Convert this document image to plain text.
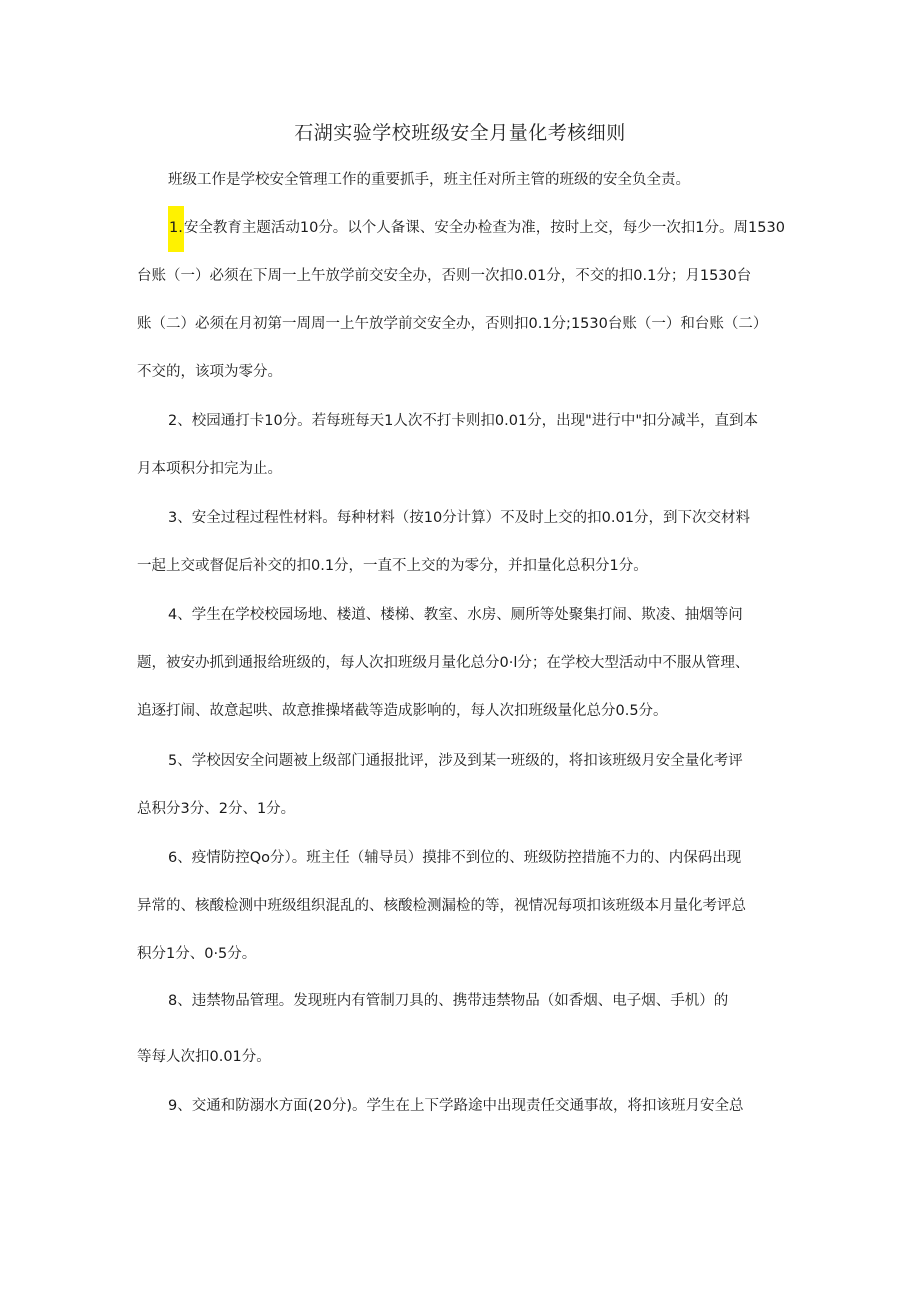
石湖实验学校班级安全月量化考核细则
班级工作是学校安全管理工作的重要抓手，班主任对所主管的班级的安全负全责。
1.安全教育主题活动10分。以个人备课、安全办检查为准，按时上交，每少一次扣1分。周1530
台账（一）必须在下周一上午放学前交安全办，否则一次扣0.01分，不交的扣0.1分；月1530台
账（二）必须在月初第一周周一上午放学前交安全办，否则扣0.1分;1530台账（一）和台账（二）
不交的，该项为零分。
2、校园通打卡10分。若每班每天1人次不打卡则扣0.01分，出现"进行中"扣分减半，直到本
月本项积分扣完为止。
3、安全过程过程性材料。每种材料（按10分计算）不及时上交的扣0.01分，到下次交材料
一起上交或督促后补交的扣0.1分，一直不上交的为零分，并扣量化总积分1分。
4、学生在学校校园场地、楼道、楼梯、教室、水房、厕所等处聚集打闹、欺凌、抽烟等问
题，被安办抓到通报给班级的，每人次扣班级月量化总分0·l分；在学校大型活动中不服从管理、
追逐打闹、故意起哄、故意推操堵截等造成影响的，每人次扣班级量化总分0.5分。
5、学校因安全问题被上级部门通报批评，涉及到某一班级的，将扣该班级月安全量化考评
总积分3分、2分、1分。
6、疫情防控Qo分）。班主任（辅导员）摸排不到位的、班级防控措施不力的、内保码出现
异常的、核酸检测中班级组织混乱的、核酸检测漏检的等，视情况每项扣该班级本月量化考评总
积分1分、0·5分。
8、违禁物品管理。发现班内有管制刀具的、携带违禁物品（如香烟、电子烟、手机）的
等每人次扣0.01分。
9、交通和防溺水方面(20分)。学生在上下学路途中出现责任交通事故，将扣该班月安全总
